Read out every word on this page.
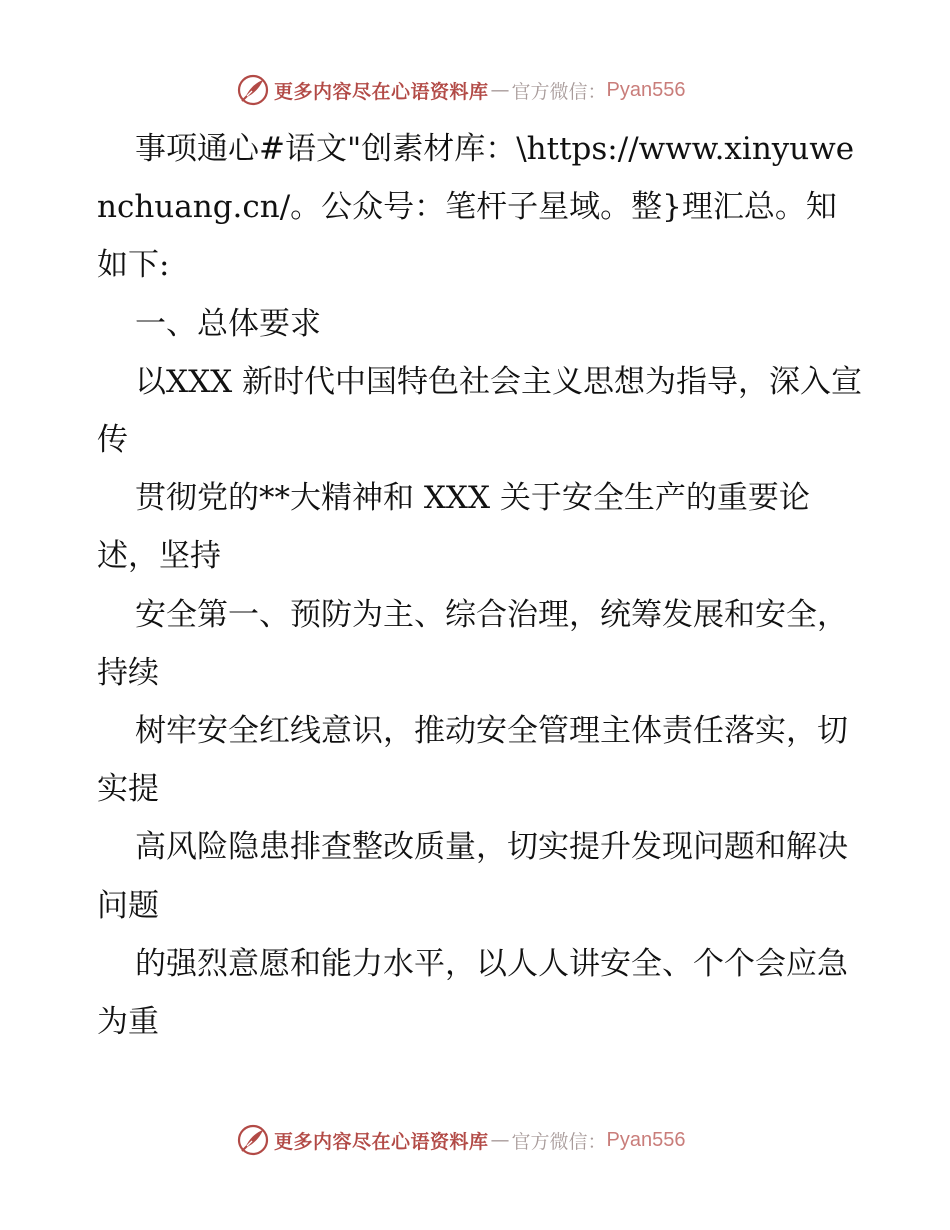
更多内容尽在心语资料库 — 官方微信： Pyan556

事项通心#语文"创素材库：\https://www.xinyuwenchuang.cn/。公众号：笔杆子星域。整}理汇总。知如下:

一、总体要求

以XXX 新时代中国特色社会主义思想为指导，深入宣传

贯彻党的**大精神和 XXX 关于安全生产的重要论述，坚持

安全第一、预防为主、综合治理，统筹发展和安全，持续

树牢安全红线意识，推动安全管理主体责任落实，切实提

高风险隐患排查整改质量，切实提升发现问题和解决问题

的强烈意愿和能力水平，以人人讲安全、个个会应急为重

更多内容尽在心语资料库 — 官方微信： Pyan556
